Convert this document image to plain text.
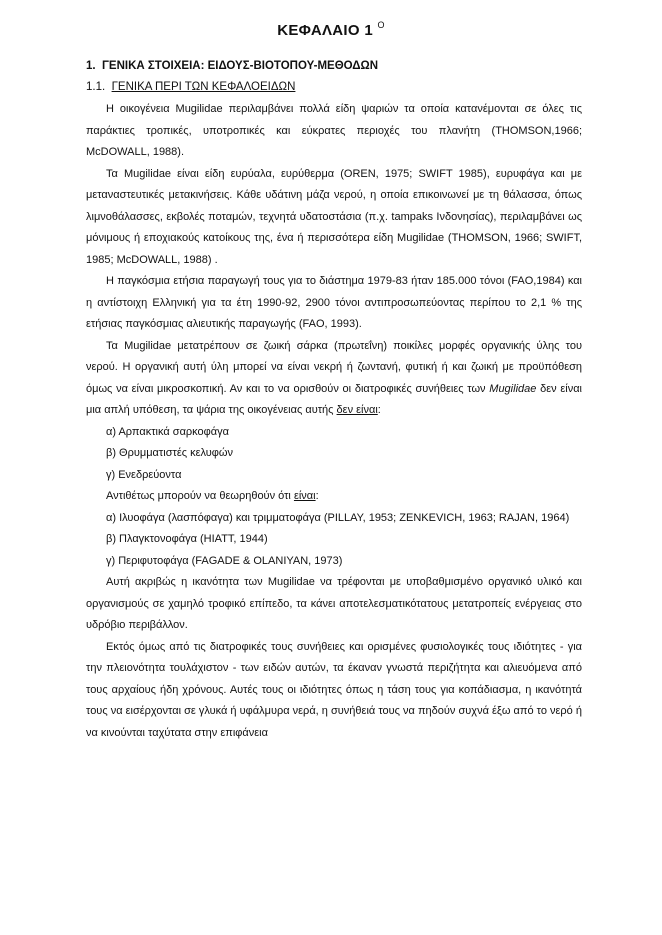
ΚΕΦΑΛΑΙΟ 1 $^O$
1. ΓΕΝΙΚΑ ΣΤΟΙΧΕΙΑ: ΕΙΔΟΥΣ-ΒΙΟΤΟΠΟΥ-ΜΕΘΟΔΩΝ
1.1. ΓΕΝΙΚΑ ΠΕΡΙ ΤΩΝ ΚΕΦΑΛΟΕΙΔΩΝ

Η οικογένεια Mugilidae περιλαμβάνει πολλά είδη ψαριών τα οποία κατανέμονται σε όλες τις παράκτιες τροπικές, υποτροπικές και εύκρατες περιοχές του πλανήτη (THOMSON,1966; McDOWALL, 1988).

Τα Mugilidae είναι είδη ευρύαλα, ευρύθερμα (OREN, 1975; SWIFT 1985), ευρυφάγα και με μεταναστευτικές μετακινήσεις. Κάθε υδάτινη μάζα νερού, η οποία επικοινωνεί με τη θάλασσα, όπως λιμνοθάλασσες, εκβολές ποταμών, τεχνητά υδατοστάσια (π.χ. tampaks Ινδονησίας), περιλαμβάνει ως μόνιμους ή εποχιακούς κατοίκους της, ένα ή περισσότερα είδη Mugilidae (THOMSON, 1966; SWIFT, 1985; McDOWALL, 1988) .

Η παγκόσμια ετήσια παραγωγή τους για το διάστημα 1979-83 ήταν 185.000 τόνοι (FAO,1984) και η αντίστοιχη Ελληνική για τα έτη 1990-92, 2900 τόνοι αντιπροσωπεύοντας περίπου το 2,1 % της ετήσιας παγκόσμιας αλιευτικής παραγωγής (FAO, 1993).

Τα Mugilidae μετατρέπουν σε ζωική σάρκα (πρωτεΐνη) ποικίλες μορφές οργανικής ύλης του νερού. Η οργανική αυτή ύλη μπορεί να είναι νεκρή ή ζωντανή, φυτική ή και ζωική με προϋπόθεση όμως να είναι μικροσκοπική. Αν και το να ορισθούν οι διατροφικές συνήθειες των Mugilidae δεν είναι μια απλή υπόθεση, τα ψάρια της οικογένειας αυτής δεν είναι:

α) Αρπακτικά σαρκοφάγα

β) Θρυμματιστές κελυφών

γ) Ενεδρεύοντα

Αντιθέτως μπορούν να θεωρηθούν ότι είναι:

α) Ιλυοφάγα (λασπόφαγα) και τριμματοφάγα (PILLAY, 1953; ZENKEVICH, 1963; RAJAN, 1964)

β) Πλαγκτονοφάγα (HIATT, 1944)

γ) Περιφυτοφάγα (FAGADE & OLANIYAN, 1973)

Αυτή ακριβώς η ικανότητα των Mugilidae να τρέφονται με υποβαθμισμένο οργανικό υλικό και οργανισμούς σε χαμηλό τροφικό επίπεδο, τα κάνει αποτελεσματικότατους μετατροπείς ενέργειας στο υδρόβιο περιβάλλον.

Εκτός όμως από τις διατροφικές τους συνήθειες και ορισμένες φυσιολογικές τους ιδιότητες - για την πλειονότητα τουλάχιστον - των ειδών αυτών, τα έκαναν γνωστά περιζήτητα και αλιευόμενα από τους αρχαίους ήδη χρόνους. Αυτές τους οι ιδιότητες όπως η τάση τους για κοπάδιασμα, η ικανότητά τους να εισέρχονται σε γλυκά ή υφάλμυρα νερά, η συνήθειά τους να πηδούν συχνά έξω από το νερό ή να κινούνται ταχύτατα στην επιφάνεια
